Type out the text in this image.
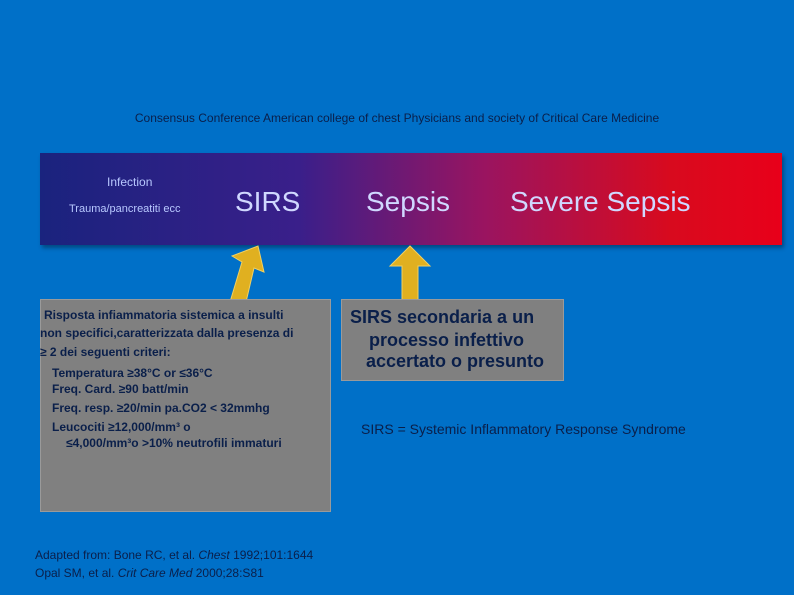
Consensus Conference American college of chest Physicians and society of Critical Care Medicine
Infection
Trauma/pancreatiti ecc SIRS Sepsis Severe Sepsis
Risposta infiammatoria sistemica a insulti
non specifici,caratterizzata dalla presenza di
≥ 2 dei seguenti criteri:
Temperatura ≥38°C or ≤36°C
Freq. Card. ≥90 batt/min
Freq. resp. ≥20/min pa.CO2 < 32mmhg
Leucociti ≥12,000/mm³ o
≤4,000/mm³o >10% neutrofili immaturi
SIRS secondaria a un
processo infettivo
accertato o presunto
SIRS = Systemic Inflammatory Response Syndrome
Adapted from: Bone RC, et al. Chest 1992;101:1644
Opal SM, et al. Crit Care Med 2000;28:S81
